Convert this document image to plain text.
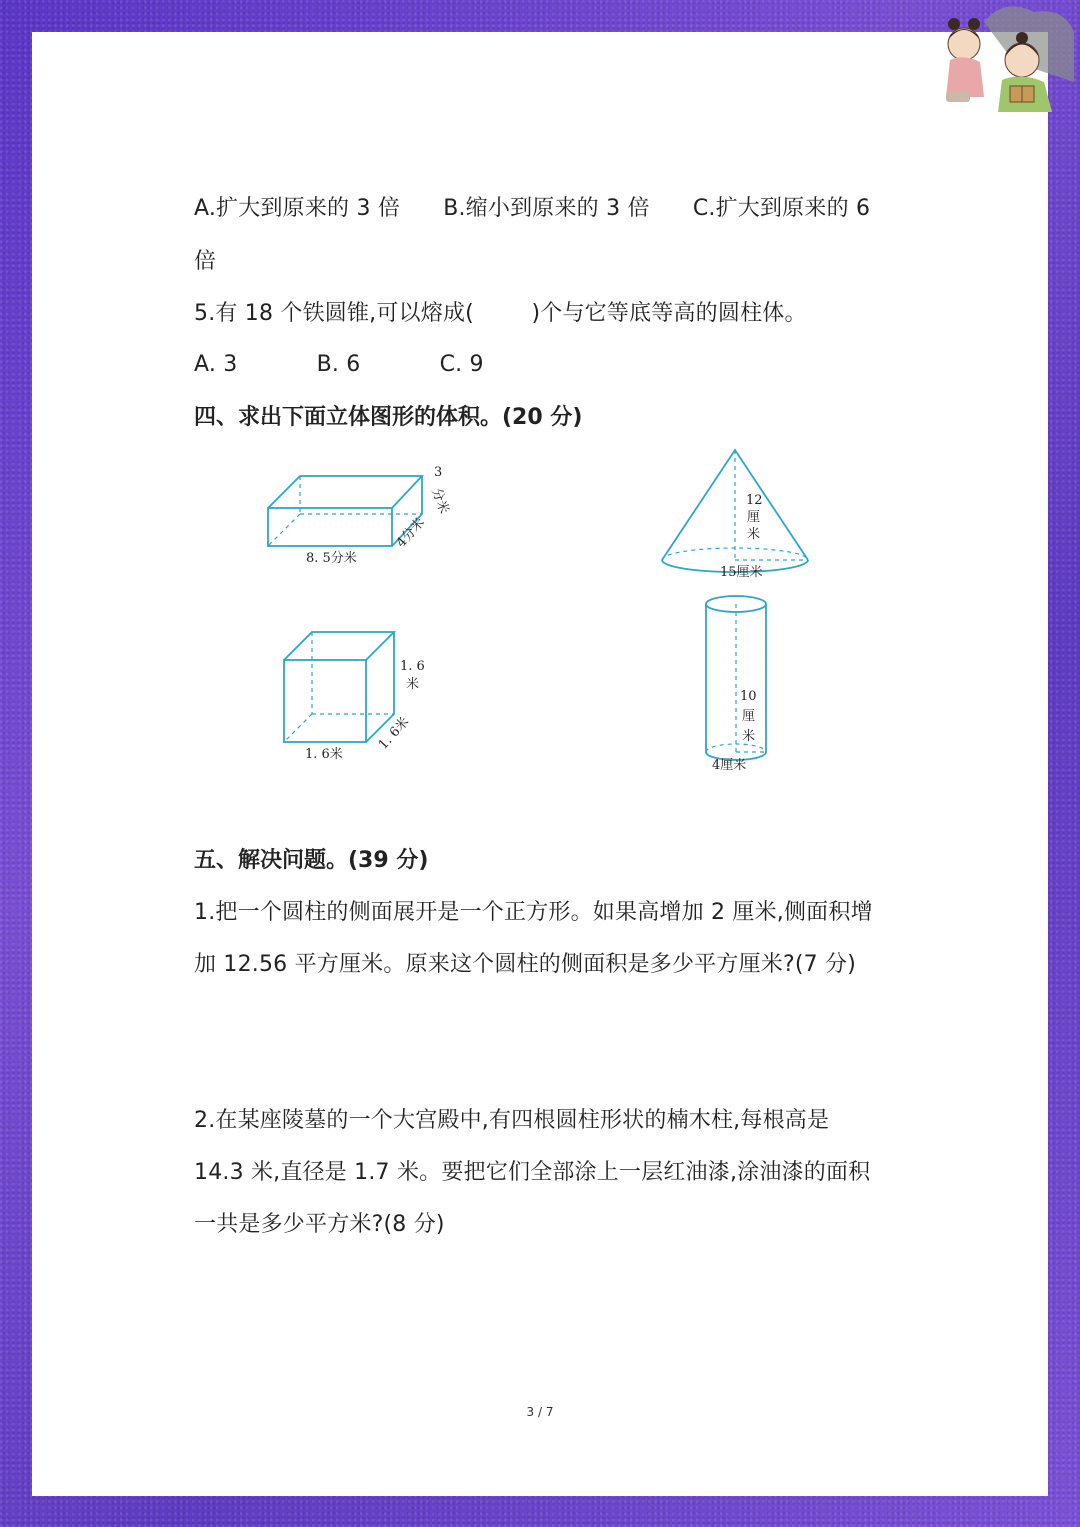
A.扩大到原来的 3 倍      B.缩小到原来的 3 倍      C.扩大到原来的 6
倍
5.有 18 个铁圆锥,可以熔成(        )个与它等底等高的圆柱体。
A. 3           B. 6           C. 9
四、求出下面立体图形的体积。(20 分)
8. 5分米
3
分米
4分米
1. 6米
1. 6
米
1. 6米
12
厘
米
15厘米
10
厘
米
4厘米
五、解决问题。(39 分)
1.把一个圆柱的侧面展开是一个正方形。如果高增加 2 厘米,侧面积增
加 12.56 平方厘米。原来这个圆柱的侧面积是多少平方厘米?(7 分)
2.在某座陵墓的一个大宫殿中,有四根圆柱形状的楠木柱,每根高是
14.3 米,直径是 1.7 米。要把它们全部涂上一层红油漆,涂油漆的面积
一共是多少平方米?(8 分)
3 / 7
